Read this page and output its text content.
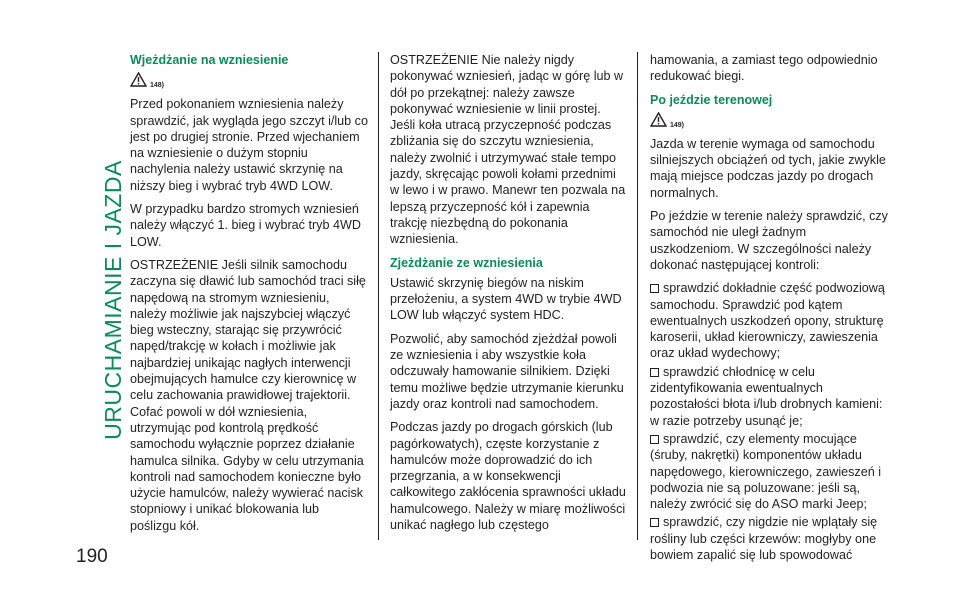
URUCHAMIANIE I JAZDA
190
Wjeżdżanie na wzniesienie
148)

Przed pokonaniem wzniesienia należy sprawdzić, jak wygląda jego szczyt i/lub co jest po drugiej stronie. Przed wjechaniem na wzniesienie o dużym stopniu nachylenia należy ustawić skrzynię na niższy bieg i wybrać tryb 4WD LOW.

W przypadku bardzo stromych wzniesień należy włączyć 1. bieg i wybrać tryb 4WD LOW.

OSTRZEŻENIE Jeśli silnik samochodu zaczyna się dławić lub samochód traci siłę napędową na stromym wzniesieniu, należy możliwie jak najszybciej włączyć bieg wsteczny, starając się przywrócić napęd/trakcję w kołach i możliwie jak najbardziej unikając nagłych interwencji obejmujących hamulce czy kierownicę w celu zachowania prawidłowej trajektorii. Cofać powoli w dół wzniesienia, utrzymując pod kontrolą prędkość samochodu wyłącznie poprzez działanie hamulca silnika. Gdyby w celu utrzymania kontroli nad samochodem konieczne było użycie hamulców, należy wywierać nacisk stopniowy i unikać blokowania lub poślizgu kół.

OSTRZEŻENIE Nie należy nigdy pokonywać wzniesień, jadąc w górę lub w dół po przekątnej: należy zawsze pokonywać wzniesienie w linii prostej. Jeśli koła utracą przyczepność podczas zbliżania się do szczytu wzniesienia, należy zwolnić i utrzymywać stałe tempo jazdy, skręcając powoli kołami przednimi w lewo i w prawo. Manewr ten pozwala na lepszą przyczepność kół i zapewnia trakcję niezbędną do pokonania wzniesienia.

Zjeżdżanie ze wzniesienia

Ustawić skrzynię biegów na niskim przełożeniu, a system 4WD w trybie 4WD LOW lub włączyć system HDC.

Pozwolić, aby samochód zjeżdżał powoli ze wzniesienia i aby wszystkie koła odczuwały hamowanie silnikiem. Dzięki temu możliwe będzie utrzymanie kierunku jazdy oraz kontroli nad samochodem.

Podczas jazdy po drogach górskich (lub pagórkowatych), częste korzystanie z hamulców może doprowadzić do ich przegrzania, a w konsekwencji całkowitego zakłócenia sprawności układu hamulcowego. Należy w miarę możliwości unikać nagłego lub częstego

hamowania, a zamiast tego odpowiednio redukować biegi.

Po jeździe terenowej
149)

Jazda w terenie wymaga od samochodu silniejszych obciążeń od tych, jakie zwykle mają miejsce podczas jazdy po drogach normalnych.

Po jeździe w terenie należy sprawdzić, czy samochód nie uległ żadnym uszkodzeniom. W szczególności należy dokonać następującej kontroli:

sprawdzić dokładnie część podwoziową samochodu. Sprawdzić pod kątem ewentualnych uszkodzeń opony, strukturę karoserii, układ kierowniczy, zawieszenia oraz układ wydechowy;

sprawdzić chłodnicę w celu zidentyfikowania ewentualnych pozostałości błota i/lub drobnych kamieni: w razie potrzeby usunąć je;

sprawdzić, czy elementy mocujące (śruby, nakrętki) komponentów układu napędowego, kierowniczego, zawieszeń i podwozia nie są poluzowane: jeśli są, należy zwrócić się do ASO marki Jeep;

sprawdzić, czy nigdzie nie wplątały się rośliny lub części krzewów: mogłyby one bowiem zapalić się lub spowodować
